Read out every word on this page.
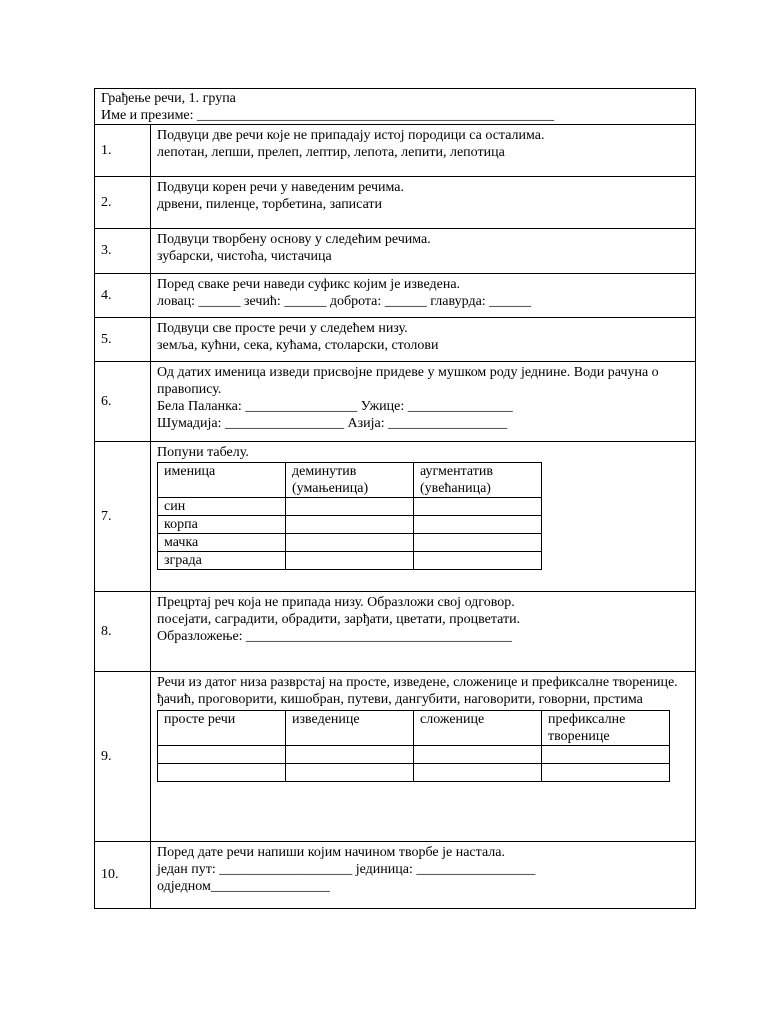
Грађење речи, 1. група
Име и презиме: ___________________________________________________
1.
Подвуци две речи које не припадају истој породици са осталима.
лепотан, лепши, прелеп, лептир, лепота, лепити, лепотица
2.
Подвуци корен речи у наведеним речима.
дрвени, пиленце, торбетина, записати
3.
Подвуци творбену основу у следећим речима.
зубарски, чистоћа, чистачица
4.
Поред сваке речи наведи суфикс којим је изведена.
ловац: ______ зечић: ______ доброта: ______ главурда: ______
5.
Подвуци све просте речи у следећем низу.
земља, кућни, сека, кућама, столарски, столови
6.
Од датих именица изведи присвојне придеве у мушком роду једнине. Води рачуна о правопису.
Бела Паланка: ________________ Ужице: _______________
Шумадија: _________________ Азија: _________________
7.
Попуни табелу.
именица	деминутив (умањеница)	аугментатив (увећаница)
син		
корпа		
мачка		
зграда		
8.
Прецртај реч која не припада низу. Образложи свој одговор.
посејати, саградити, обрадити, зарђати, цветати, процветати.
Образложење: ______________________________________
9.
Речи из датог низа разврстај на просте, изведене, сложенице и префиксалне творенице.
ђачић, проговорити, кишобран, путеви, дангубити, наговорити, говорни, прстима
просте речи	изведенице	сложенице	префиксалне творенице

10.
Поред дате речи напиши којим начином творбе је настала.
један пут: ___________________ јединица: _________________
одједном_________________
